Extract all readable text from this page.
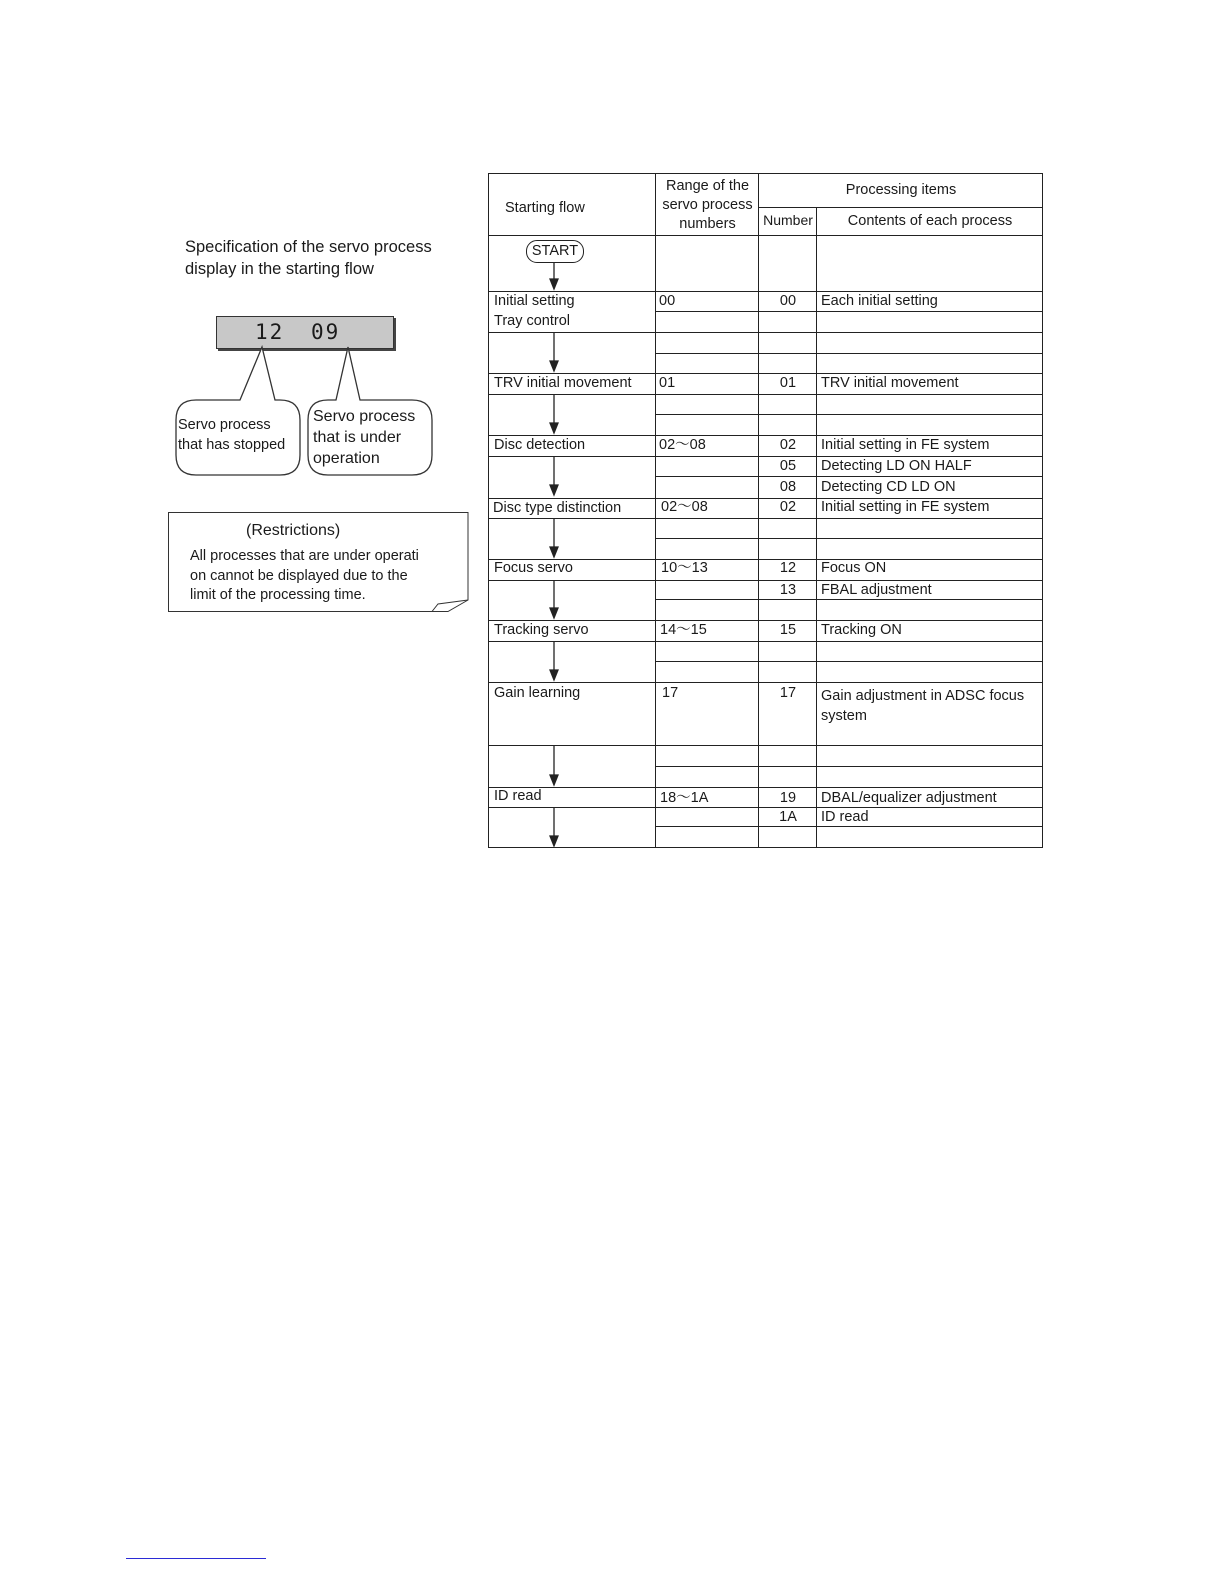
Specification of the servo process display in the starting flow
12 09
Servo process
that has stopped
Servo process
that is under
operation
(Restrictions)
All processes that are under operati
on cannot be displayed due to the
limit of the processing time.
Starting flow
Range of the
servo process
numbers
Processing items
Number	Contents of each process
START
Initial setting
Tray control
TRV initial movement
Disc detection
Disc type distinction
Focus servo
Tracking servo
Gain learning
ID read
00
01
02～08
02～08
10～13
14～15
17
18～1A
00
01
02
05
08
02
12
13
15
17
19
1A
Each initial setting
TRV initial movement
Initial setting in FE system
Detecting LD ON HALF
Detecting CD LD ON
Initial setting in FE system
Focus ON
FBAL adjustment
Tracking ON
Gain adjustment in ADSC focus
system
DBAL/equalizer adjustment
ID read
